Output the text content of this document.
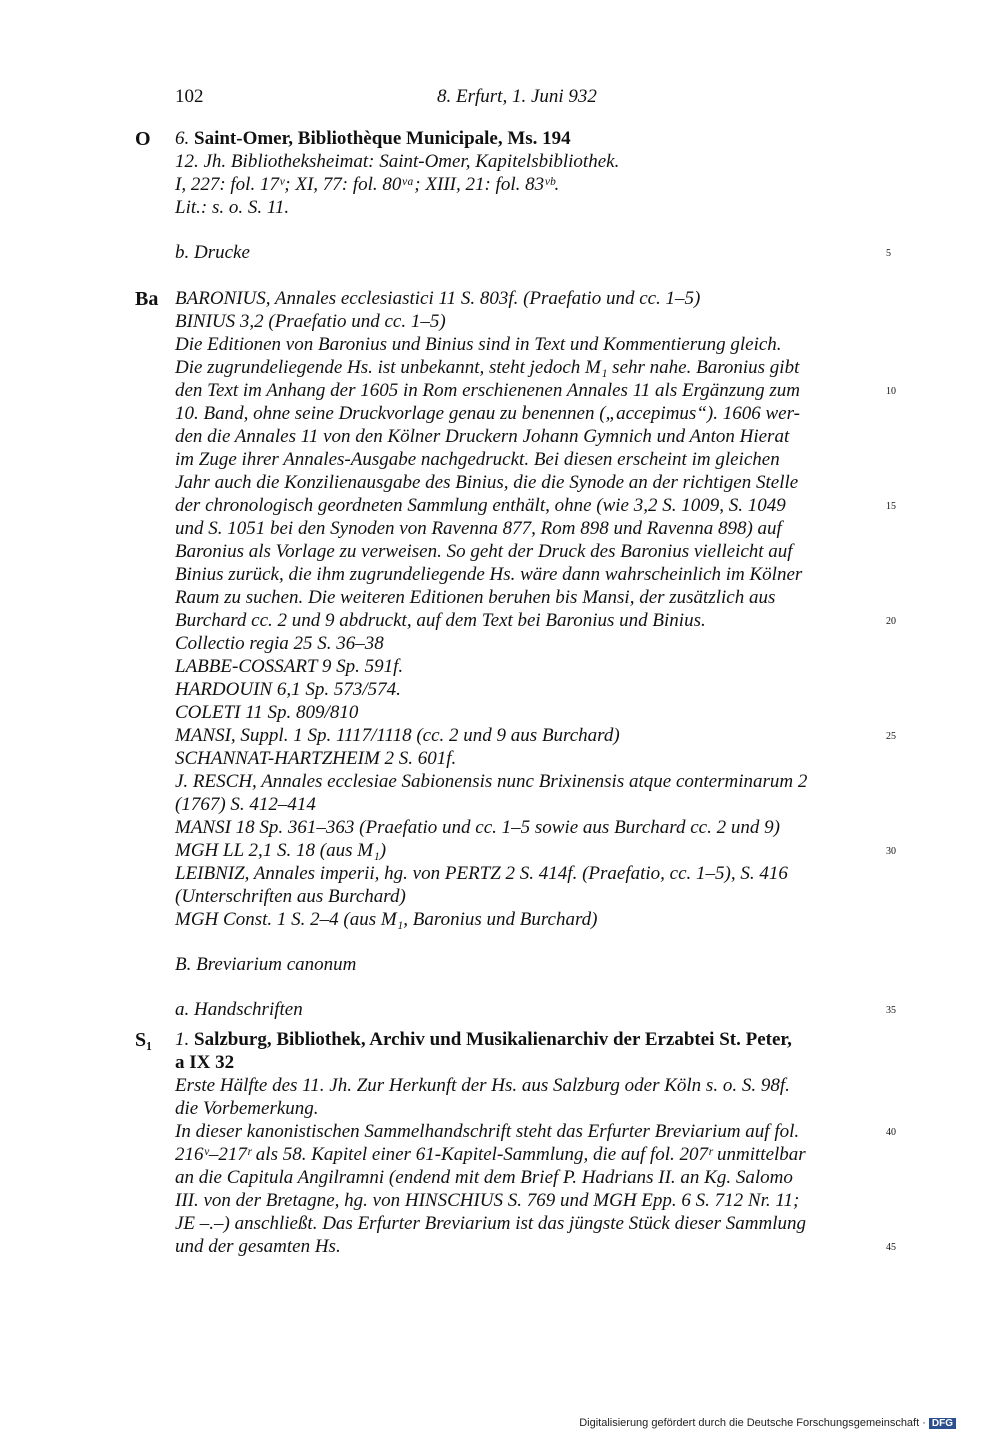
102	8. Erfurt, 1. Juni 932
O
Ba
S₁
6. Saint-Omer, Bibliothèque Municipale, Ms. 194
12. Jh. Bibliotheksheimat: Saint-Omer, Kapitelsbibliothek.
I, 227: fol. 17ᵛ; XI, 77: fol. 80ᵛᵃ; XIII, 21: fol. 83ᵛᵇ.
Lit.: s. o. S. 11.
b. Drucke
BARONIUS, Annales ecclesiastici 11 S. 803f. (Praefatio und cc. 1–5)
BINIUS 3,2 (Praefatio und cc. 1–5)
Die Editionen von Baronius und Binius sind in Text und Kommentierung gleich.
Die zugrundeliegende Hs. ist unbekannt, steht jedoch M₁ sehr nahe. Baronius gibt
den Text im Anhang der 1605 in Rom erschienenen Annales 11 als Ergänzung zum
10. Band, ohne seine Druckvorlage genau zu benennen („accepimus“). 1606 wer-
den die Annales 11 von den Kölner Druckern Johann Gymnich und Anton Hierat
im Zuge ihrer Annales-Ausgabe nachgedruckt. Bei diesen erscheint im gleichen
Jahr auch die Konzilienausgabe des Binius, die die Synode an der richtigen Stelle
der chronologisch geordneten Sammlung enthält, ohne (wie 3,2 S. 1009, S. 1049
und S. 1051 bei den Synoden von Ravenna 877, Rom 898 und Ravenna 898) auf
Baronius als Vorlage zu verweisen. So geht der Druck des Baronius vielleicht auf
Binius zurück, die ihm zugrundeliegende Hs. wäre dann wahrscheinlich im Kölner
Raum zu suchen. Die weiteren Editionen beruhen bis Mansi, der zusätzlich aus
Burchard cc. 2 und 9 abdruckt, auf dem Text bei Baronius und Binius.
Collectio regia 25 S. 36–38
LABBE-COSSART 9 Sp. 591f.
HARDOUIN 6,1 Sp. 573/574.
COLETI 11 Sp. 809/810
MANSI, Suppl. 1 Sp. 1117/1118 (cc. 2 und 9 aus Burchard)
SCHANNAT-HARTZHEIM 2 S. 601f.
J. RESCH, Annales ecclesiae Sabionensis nunc Brixinensis atque conterminarum 2
(1767) S. 412–414
MANSI 18 Sp. 361–363 (Praefatio und cc. 1–5 sowie aus Burchard cc. 2 und 9)
MGH LL 2,1 S. 18 (aus M₁)
LEIBNIZ, Annales imperii, hg. von PERTZ 2 S. 414f. (Praefatio, cc. 1–5), S. 416
(Unterschriften aus Burchard)
MGH Const. 1 S. 2–4 (aus M₁, Baronius und Burchard)
B. Breviarium canonum
a. Handschriften
1. Salzburg, Bibliothek, Archiv und Musikalienarchiv der Erzabtei St. Peter,
a IX 32
Erste Hälfte des 11. Jh. Zur Herkunft der Hs. aus Salzburg oder Köln s. o. S. 98f.
die Vorbemerkung.
In dieser kanonistischen Sammelhandschrift steht das Erfurter Breviarium auf fol.
216ᵛ–217ʳ als 58. Kapitel einer 61-Kapitel-Sammlung, die auf fol. 207ʳ unmittelbar
an die Capitula Angilramni (endend mit dem Brief P. Hadrians II. an Kg. Salomo
III. von der Bretagne, hg. von HINSCHIUS S. 769 und MGH Epp. 6 S. 712 Nr. 11;
JE –.–) anschließt. Das Erfurter Breviarium ist das jüngste Stück dieser Sammlung
und der gesamten Hs.
5
10
15
20
25
30
35
40
45
Digitalisierung gefördert durch die Deutsche Forschungsgemeinschaft · DFG
